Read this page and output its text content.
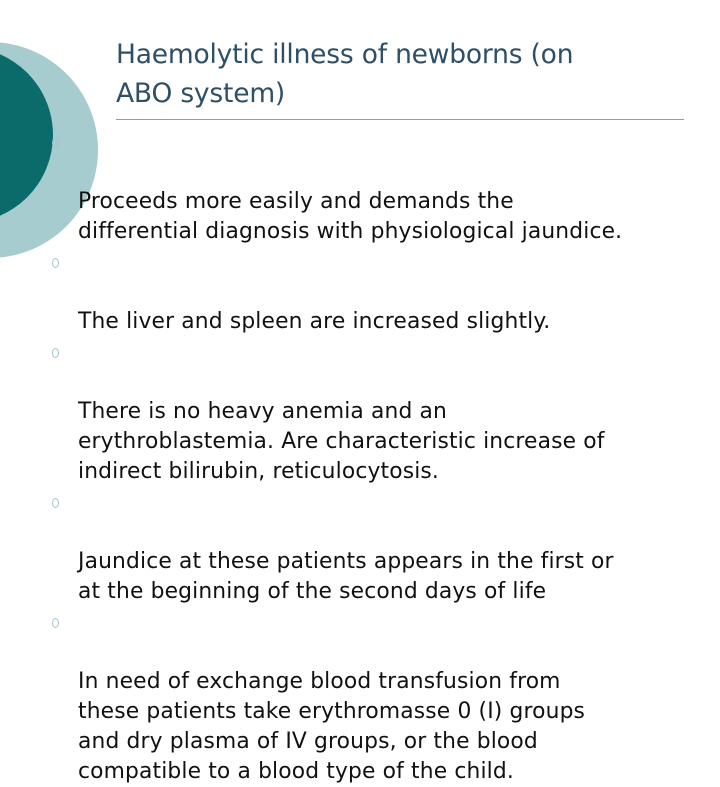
Haemolytic illness of newborns (on
ABO system)

Proceeds more easily and demands the
differential diagnosis with physiological jaundice.

The liver and spleen are increased slightly.

There is no heavy anemia and an
erythroblastemia. Are characteristic increase of
indirect bilirubin, reticulocytosis.

Jaundice at these patients appears in the first or
at the beginning of the second days of life

In need of exchange blood transfusion from
these patients take erythromasse 0 (I) groups
and dry plasma of IV groups, or the blood
compatible to a blood type of the child.
